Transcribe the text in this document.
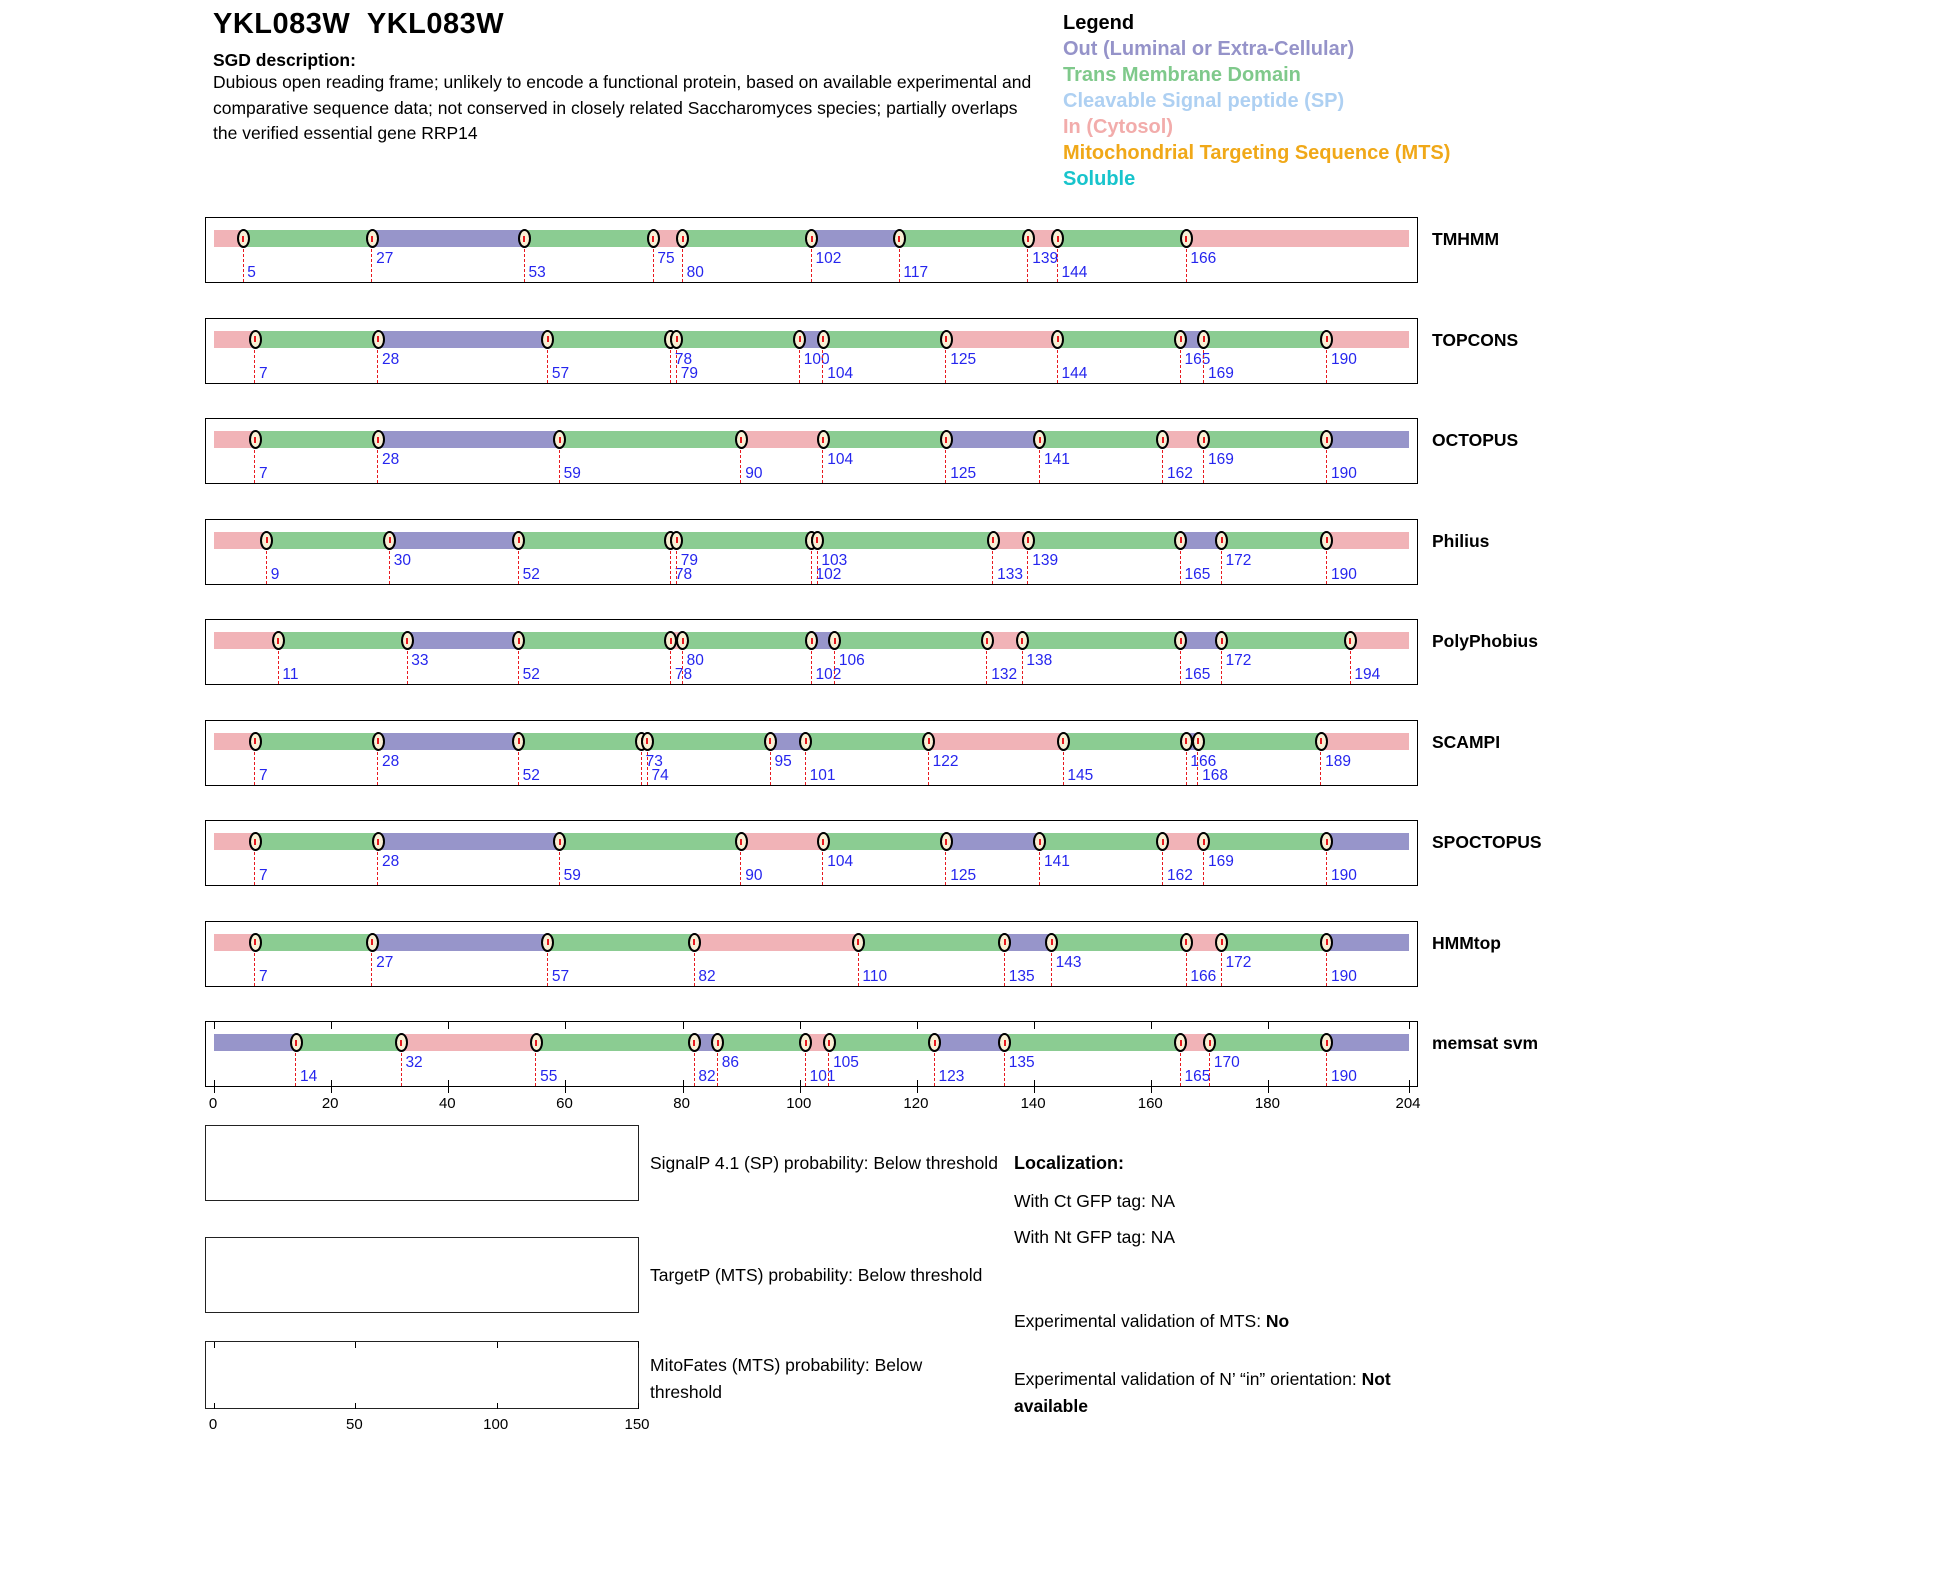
YKL083W  YKL083W
SGD description:
Dubious open reading frame; unlikely to encode a functional protein, based on available experimental and comparative sequence data; not conserved in closely related Saccharomyces species; partially overlaps the verified essential gene RRP14
Legend
Out (Luminal or Extra-Cellular)
Trans Membrane Domain
Cleavable Signal peptide (SP)
In (Cytosol)
Mitochondrial Targeting Sequence (MTS)
Soluble
5
27
53
75
80
102
117
139
144
166
TMHMM
7
28
57
78
79
100
104
125
144
165
169
190
TOPCONS
7
28
59	90
104
125
141
162
169
190
OCTOPUS
9
30
52	78
79
102
103
133
139
165
172
190
Philius
11
33
52	78
80
102
106
132
138
165
172
194
PolyPhobius
7
28
52
73
74
95
101
122
145
166
168
189
SCAMPI
7
28
59	90
104
125
141
162
169
190
SPOCTOPUS
7
27
57	82	110	135
143
166
172
190
HMMtop
14
32
55	82
86
101
105
123
135
165
170
190
memsat svm
0	20	40	60	80	100	120	140	160	180	204
SignalP 4.1 (SP) probability: Below threshold
TargetP (MTS) probability: Below threshold
MitoFates (MTS) probability: Below threshold
0	50	100	150
Localization:
With Ct GFP tag: NA
With Nt GFP tag: NA
Experimental validation of MTS: No
Experimental validation of N’ “in” orientation: Not available
